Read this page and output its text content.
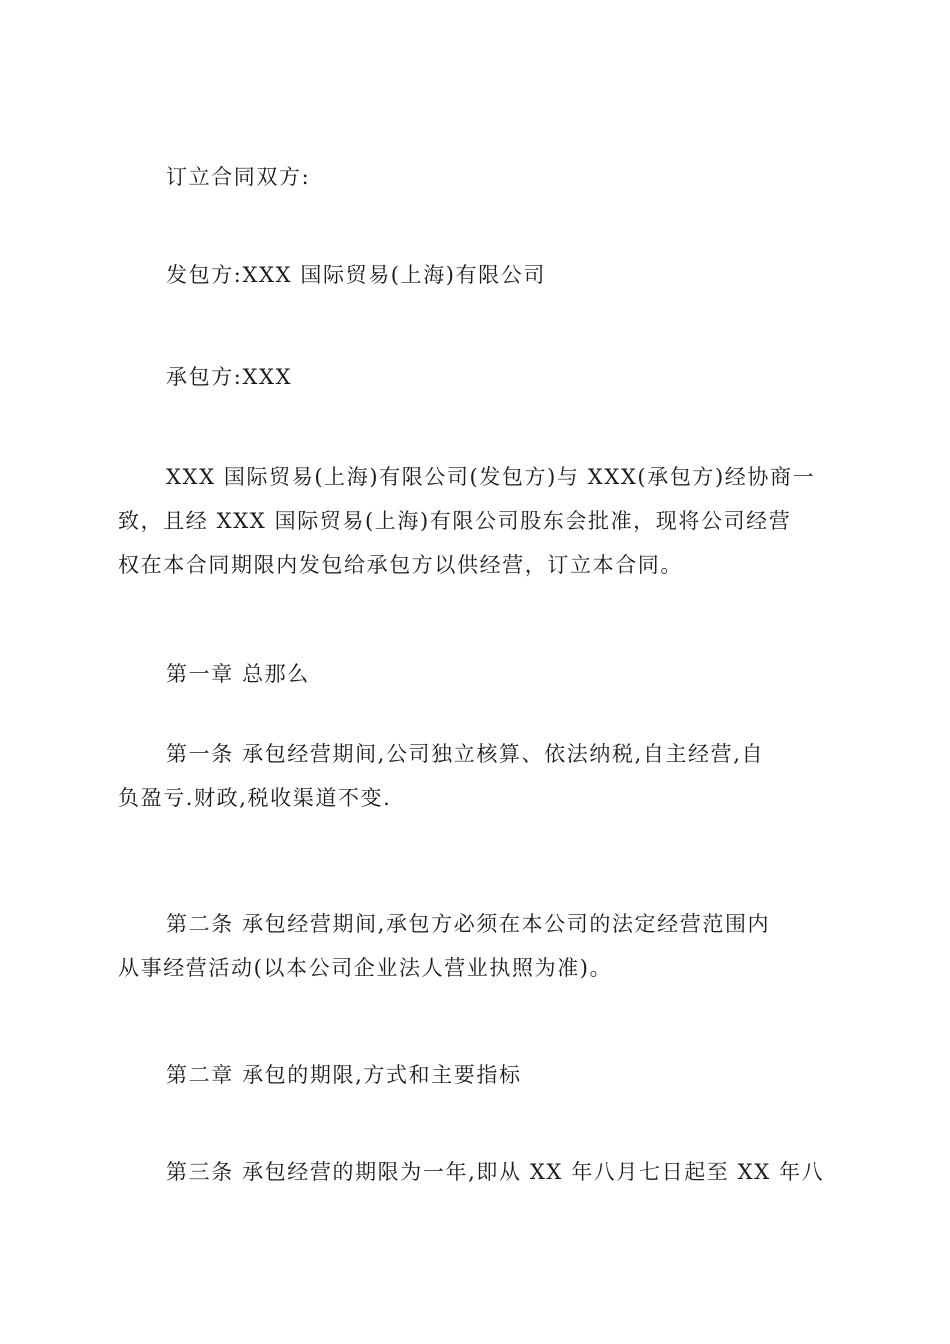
订立合同双方:

发包方:XXX 国际贸易(上海)有限公司

承包方:XXX

XXX 国际贸易(上海)有限公司(发包方)与 XXX(承包方)经协商一
致，且经 XXX 国际贸易(上海)有限公司股东会批准，现将公司经营
权在本合同期限内发包给承包方以供经营，订立本合同。

第一章 总那么

第一条 承包经营期间,公司独立核算、依法纳税,自主经营,自
负盈亏.财政,税收渠道不变.

第二条 承包经营期间,承包方必须在本公司的法定经营范围内
从事经营活动(以本公司企业法人营业执照为准)。

第二章 承包的期限,方式和主要指标

第三条 承包经营的期限为一年,即从 XX 年八月七日起至 XX 年八
